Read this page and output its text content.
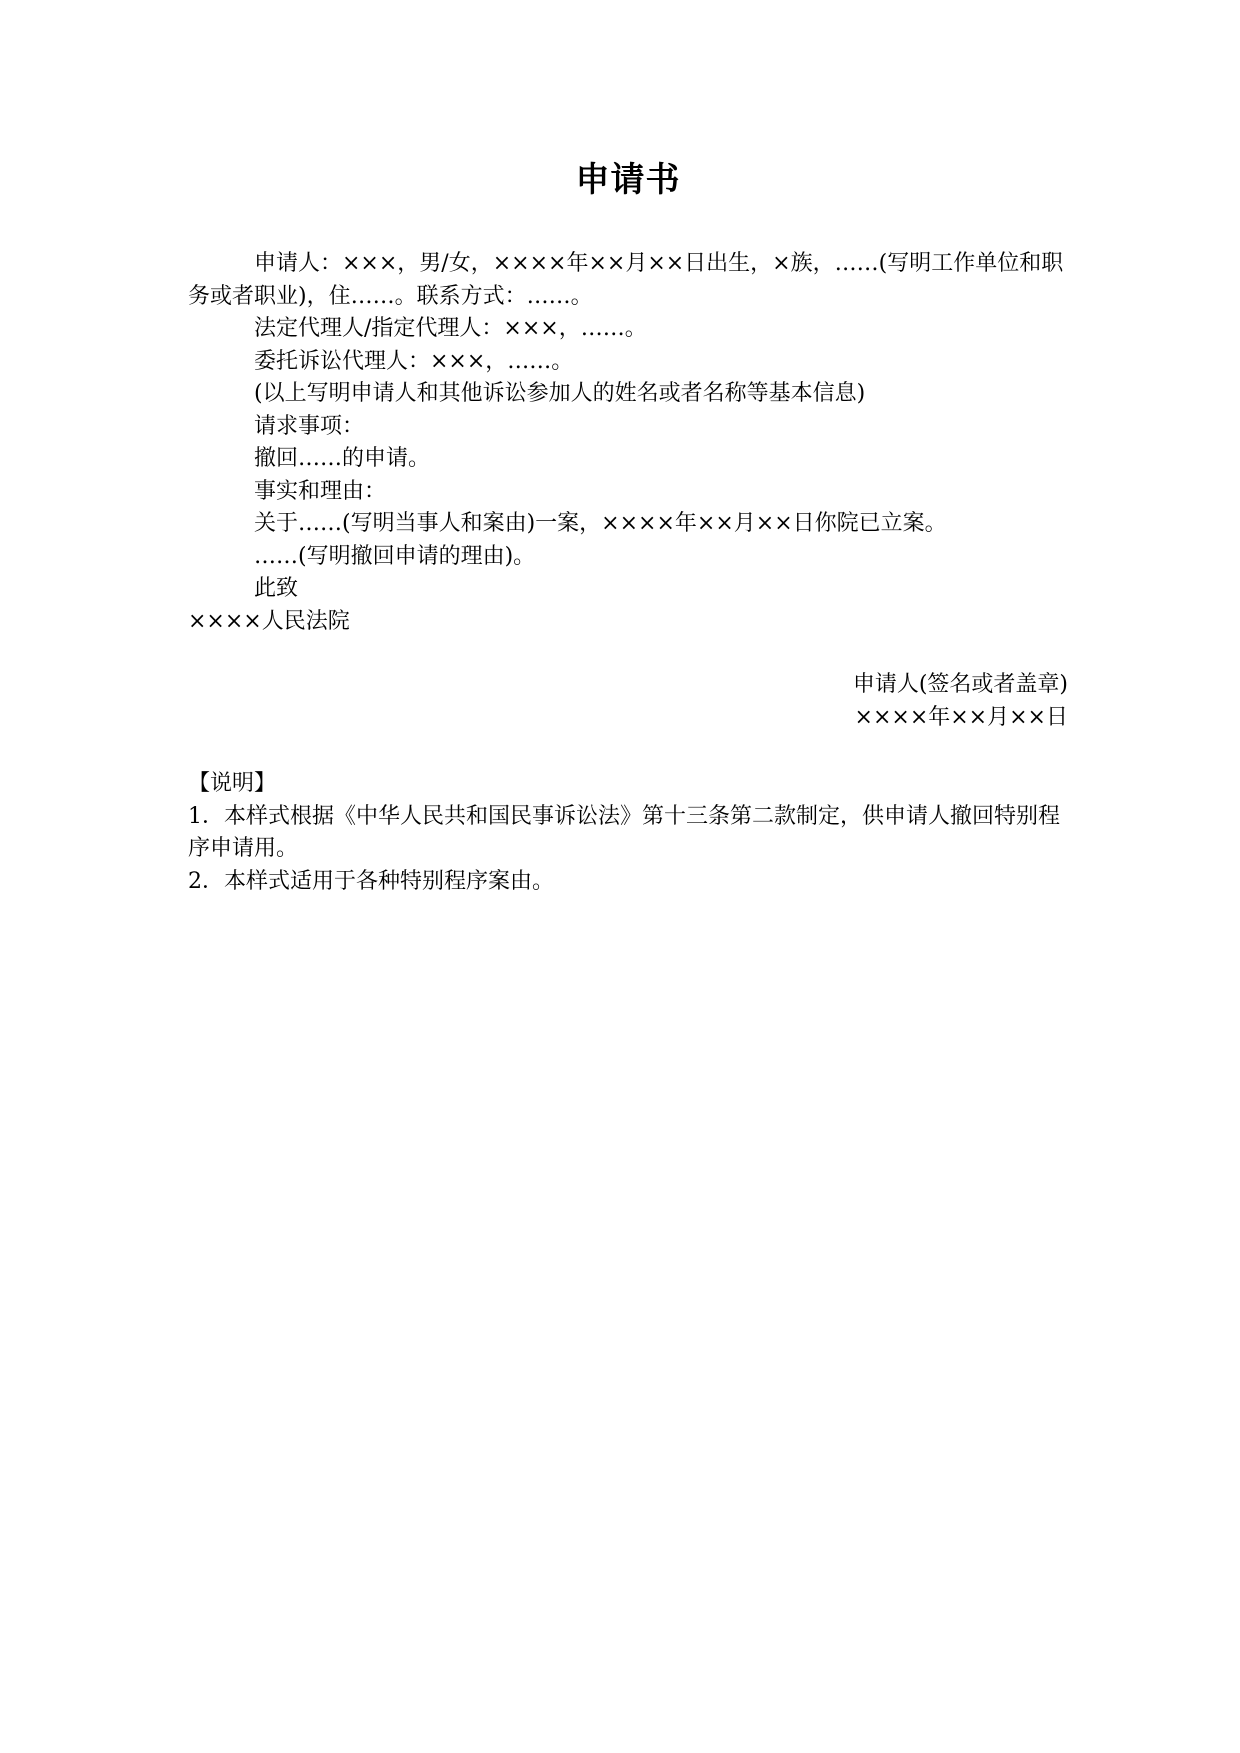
申请书

申请人：×××，男/女，××××年××月××日出生，×族，……(写明工作单位和职务或者职业)，住……。联系方式：……。

法定代理人/指定代理人：×××，……。

委托诉讼代理人：×××，……。

(以上写明申请人和其他诉讼参加人的姓名或者名称等基本信息)

请求事项：

撤回……的申请。

事实和理由：

关于……(写明当事人和案由)一案，××××年××月××日你院已立案。

……(写明撤回申请的理由)。

此致

××××人民法院

申请人(签名或者盖章)
××××年××月××日

【说明】

1．本样式根据《中华人民共和国民事诉讼法》第十三条第二款制定，供申请人撤回特别程序申请用。

2．本样式适用于各种特别程序案由。
